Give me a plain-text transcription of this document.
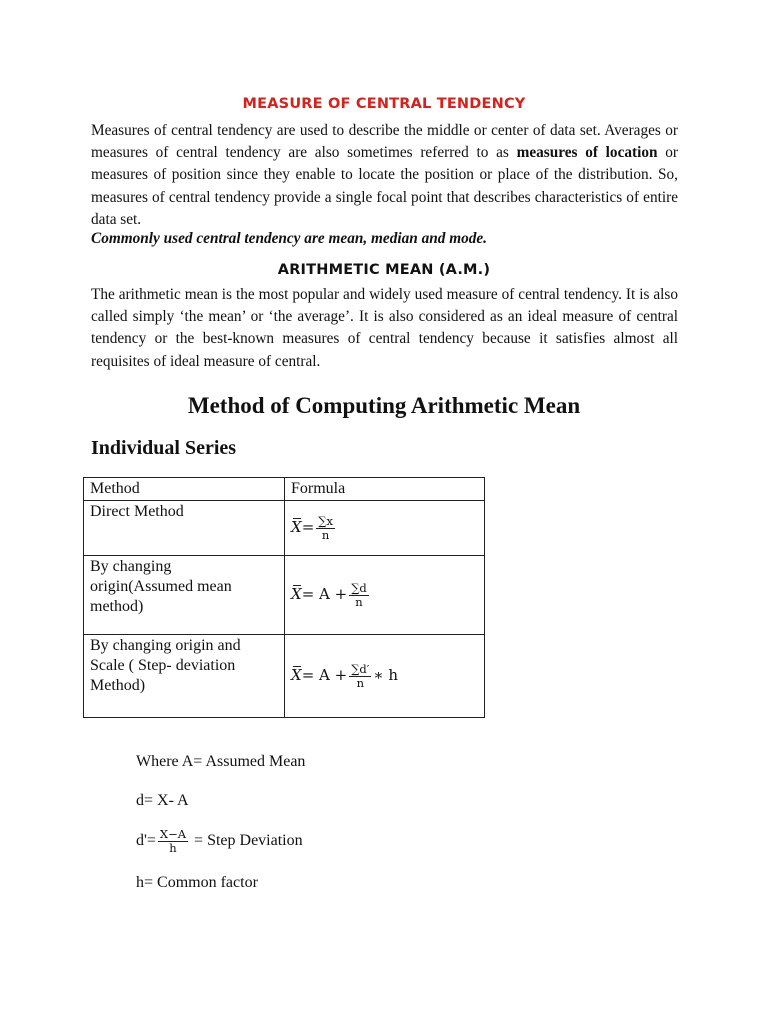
MEASURE OF CENTRAL TENDENCY

Measures of central tendency are used to describe the middle or center of data set. Averages or measures of central tendency are also sometimes referred to as measures of location or measures of position since they enable to locate the position or place of the distribution. So, measures of central tendency provide a single focal point that describes characteristics of entire data set.

Commonly used central tendency are mean, median and mode.

ARITHMETIC MEAN (A.M.)

The arithmetic mean is the most popular and widely used measure of central tendency. It is also called simply ‘the mean’ or ‘the average’. It is also considered as an ideal measure of central tendency or the best-known measures of central tendency because it satisfies almost all requisites of ideal measure of central.

Method of Computing Arithmetic Mean
Individual Series
Method	Formula
Direct Method	$X= \frac{\sum x}{n}$

By changing origin(Assumed mean method)	$X= A + \frac{\sum d}{n}$

By changing origin and Scale ( Step- deviation Method)	$X= A + \frac{\sum d'}{n}$ ∗ h
Where A= Assumed Mean
d= X- A
$d'= \frac{X-A}{h}$ = Step Deviation
h= Common factor
